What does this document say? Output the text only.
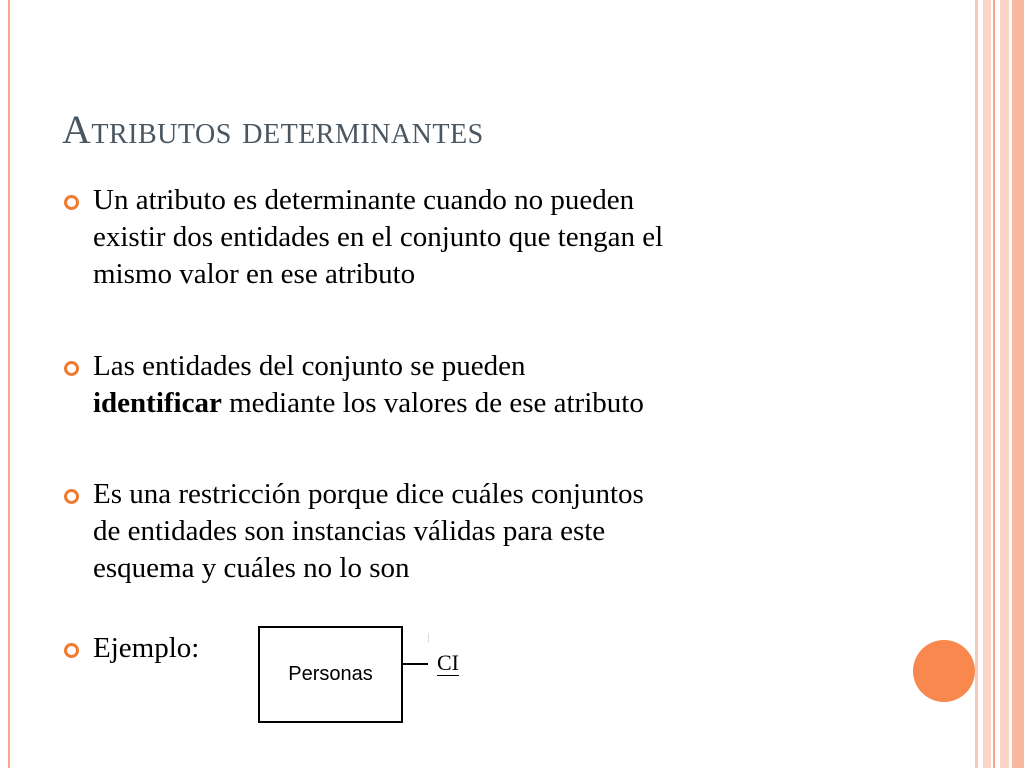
Atributos determinantes
Un atributo es determinante cuando no pueden
existir dos entidades en el conjunto que tengan el
mismo valor en ese atributo
Las entidades del conjunto se pueden
identificar mediante los valores de ese atributo
Es una restricción porque dice cuáles conjuntos
de entidades son instancias válidas para este
esquema y cuáles no lo son
Ejemplo:
Personas	CI
